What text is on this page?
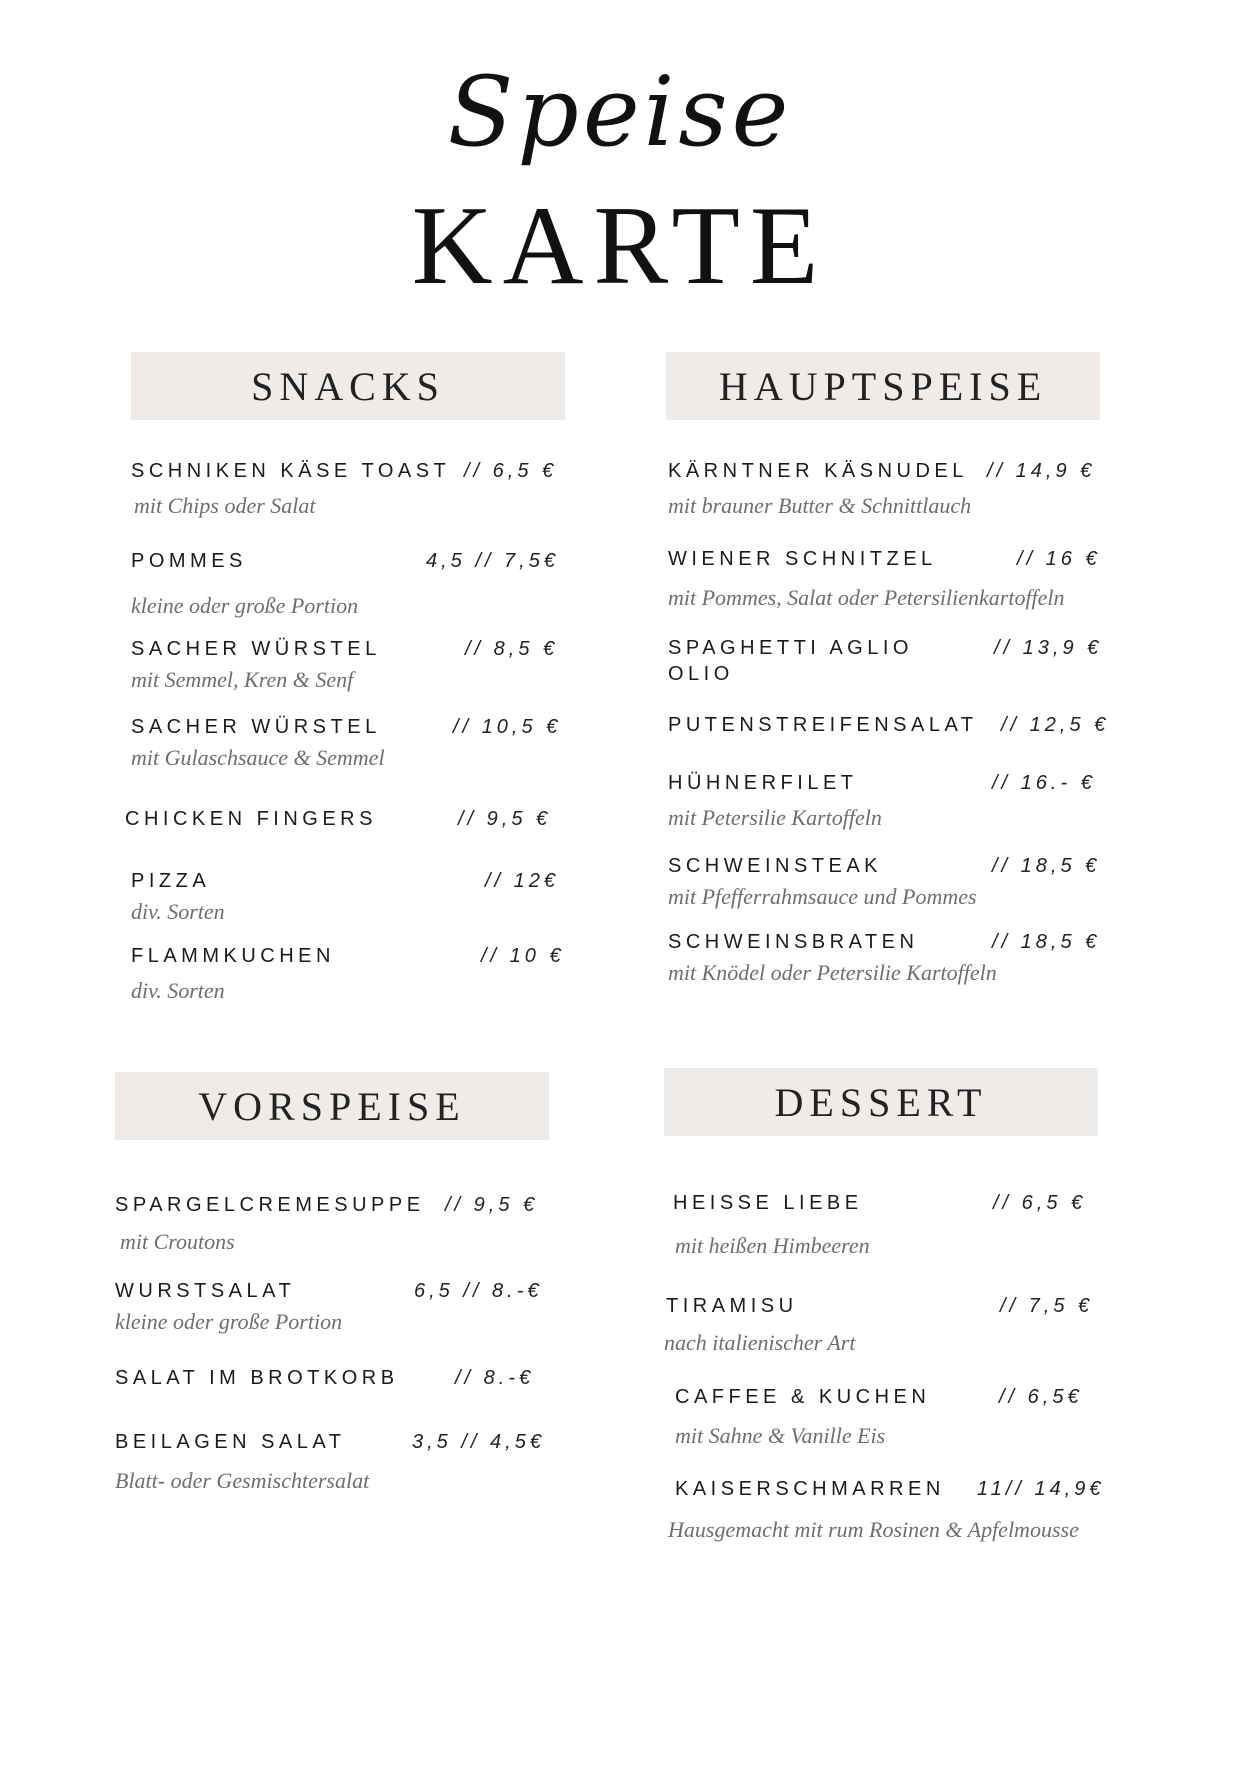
Speise
KARTE
SNACKS
SCHNIKEN KÄSE TOAST // 6,5 €
mit Chips oder Salat
POMMES	4,5 // 7,5€
kleine oder große Portion
SACHER WÜRSTEL	// 8,5 €
mit Semmel, Kren & Senf
SACHER WÜRSTEL	// 10,5 €
mit Gulaschsauce & Semmel
CHICKEN FINGERS	// 9,5 €
PIZZA	// 12€
div. Sorten
FLAMMKUCHEN	// 10 €
div. Sorten
HAUPTSPEISE
KÄRNTNER KÄSNUDEL // 14,9 €
mit brauner Butter & Schnittlauch
WIENER SCHNITZEL	// 16 €
mit Pommes, Salat oder Petersilienkartoffeln
SPAGHETTI AGLIO OLIO
// 13,9 €
PUTENSTREIFENSALAT	// 12,5 €
HÜHNERFILET	// 16.- €
mit Petersilie Kartoffeln
SCHWEINSTEAK	// 18,5 €
mit Pfefferrahmsauce und Pommes
SCHWEINSBRATEN	// 18,5 €
mit Knödel oder Petersilie Kartoffeln
VORSPEISE
SPARGELCREMESUPPE	// 9,5 €
mit Croutons
WURSTSALAT	6,5 // 8.-€
kleine oder große Portion
SALAT IM BROTKORB	// 8.-€
BEILAGEN SALAT	3,5 // 4,5€
Blatt- oder Gesmischtersalat
DESSERT
HEISSE LIEBE	// 6,5 €
mit heißen Himbeeren
TIRAMISU	// 7,5 €
nach italienischer Art
CAFFEE & KUCHEN	// 6,5€
mit Sahne & Vanille Eis
KAISERSCHMARREN	11// 14,9€
Hausgemacht mit rum Rosinen & Apfelmousse
